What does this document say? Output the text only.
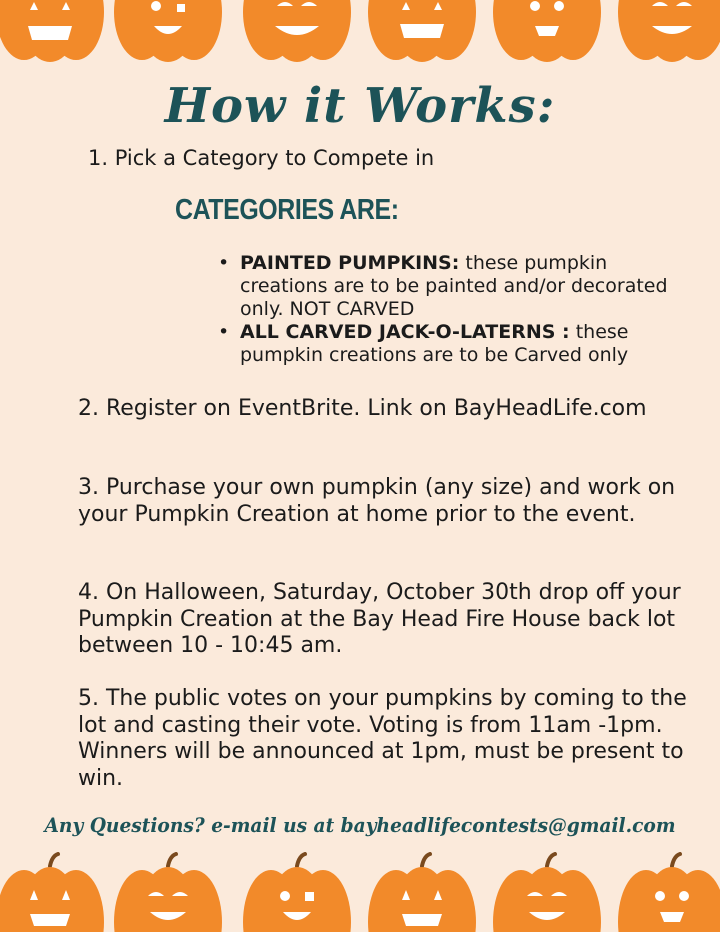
How it Works:
1. Pick a Category to Compete in
CATEGORIES ARE:
• PAINTED PUMPKINS: these pumpkin creations are to be painted and/or decorated only. NOT CARVED
• ALL CARVED JACK-O-LATERNS : these pumpkin creations are to be Carved only

2. Register on EventBrite. Link on BayHeadLife.com

3. Purchase your own pumpkin (any size) and work on your Pumpkin Creation at home prior to the event.

4. On Halloween, Saturday, October 30th drop off your Pumpkin Creation at the Bay Head Fire House back lot between 10 - 10:45 am.

5. The public votes on your pumpkins by coming to the lot and casting their vote. Voting is from 11am -1pm. Winners will be announced at 1pm, must be present to win.

Any Questions? e-mail us at bayheadlifecontests@gmail.com
